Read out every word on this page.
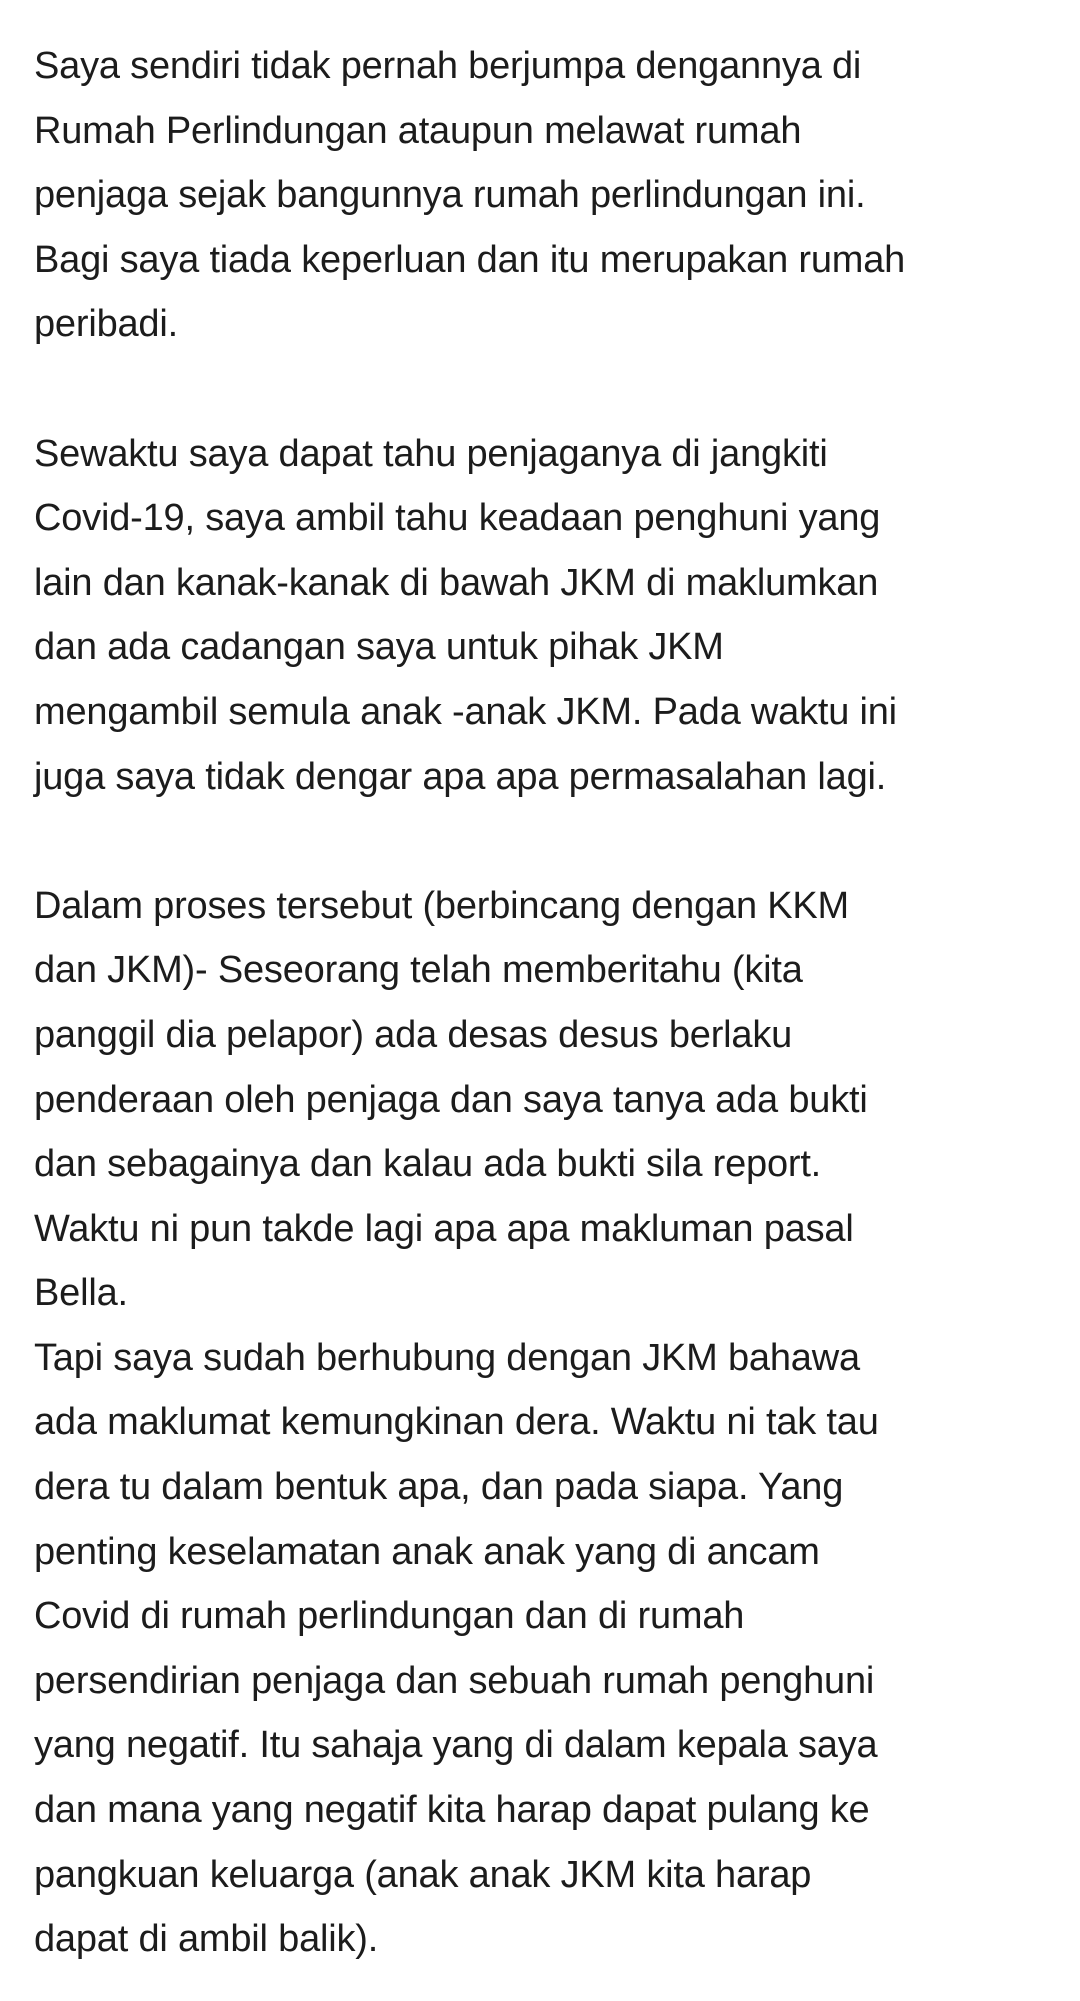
Saya sendiri tidak pernah berjumpa dengannya di
Rumah Perlindungan ataupun melawat rumah
penjaga sejak bangunnya rumah perlindungan ini.
Bagi saya tiada keperluan dan itu merupakan rumah
peribadi.
Sewaktu saya dapat tahu penjaganya di jangkiti
Covid-19, saya ambil tahu keadaan penghuni yang
lain dan kanak-kanak di bawah JKM di maklumkan
dan ada cadangan saya untuk pihak JKM
mengambil semula anak -anak JKM. Pada waktu ini
juga saya tidak dengar apa apa permasalahan lagi.
Dalam proses tersebut (berbincang dengan KKM
dan JKM)- Seseorang telah memberitahu (kita
panggil dia pelapor) ada desas desus berlaku
penderaan oleh penjaga dan saya tanya ada bukti
dan sebagainya dan kalau ada bukti sila report.
Waktu ni pun takde lagi apa apa makluman pasal
Bella.
Tapi saya sudah berhubung dengan JKM bahawa
ada maklumat kemungkinan dera. Waktu ni tak tau
dera tu dalam bentuk apa, dan pada siapa. Yang
penting keselamatan anak anak yang di ancam
Covid di rumah perlindungan dan di rumah
persendirian penjaga dan sebuah rumah penghuni
yang negatif. Itu sahaja yang di dalam kepala saya
dan mana yang negatif kita harap dapat pulang ke
pangkuan keluarga (anak anak JKM kita harap
dapat di ambil balik).
